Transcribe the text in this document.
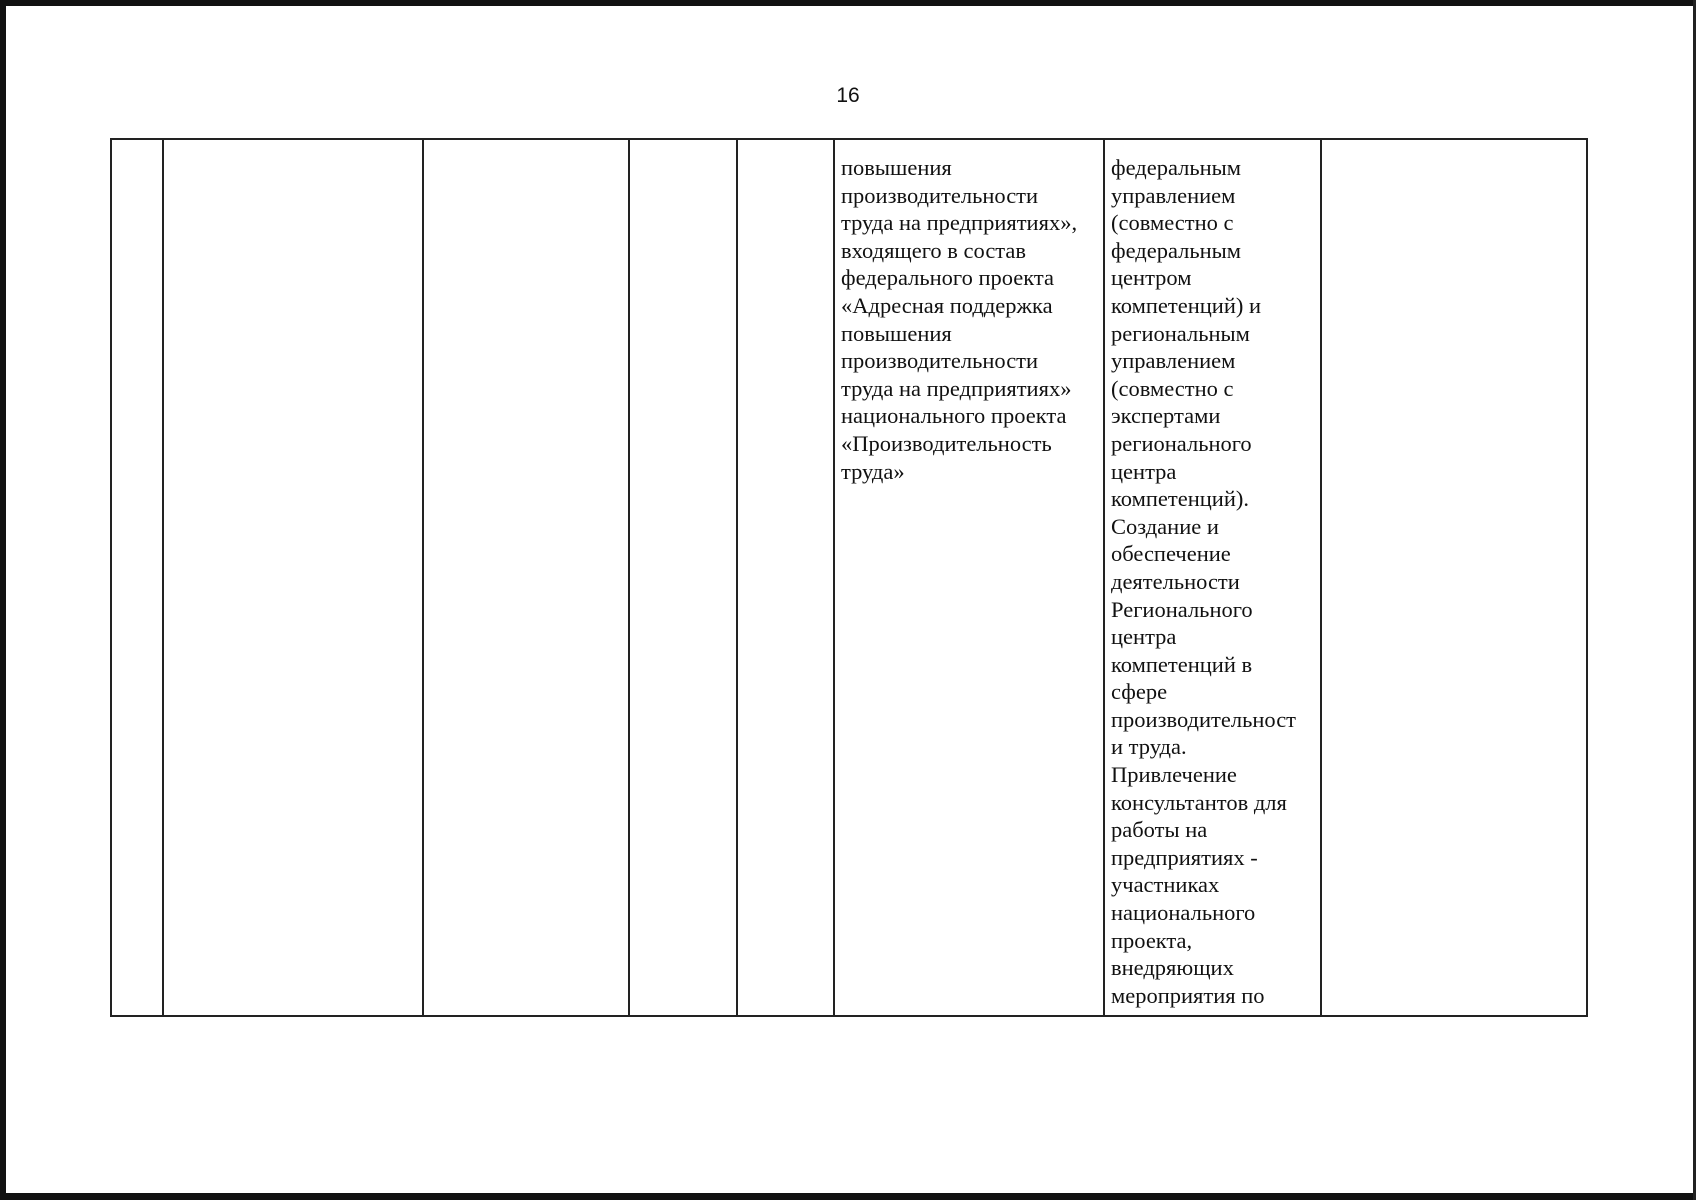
16
					повышения
производительности
труда на предприятиях»,
входящего в состав
федерального проекта
«Адресная поддержка
повышения
производительности
труда на предприятиях»
национального проекта
«Производительность
труда»	федеральным
управлением
(совместно с
федеральным
центром
компетенций) и
региональным
управлением
(совместно с
экспертами
регионального
центра
компетенций).
Создание и
обеспечение
деятельности
Регионального
центра
компетенций в
сфере
производительност
и труда.
Привлечение
консультантов для
работы на
предприятиях -
участниках
национального
проекта,
внедряющих
мероприятия по	
